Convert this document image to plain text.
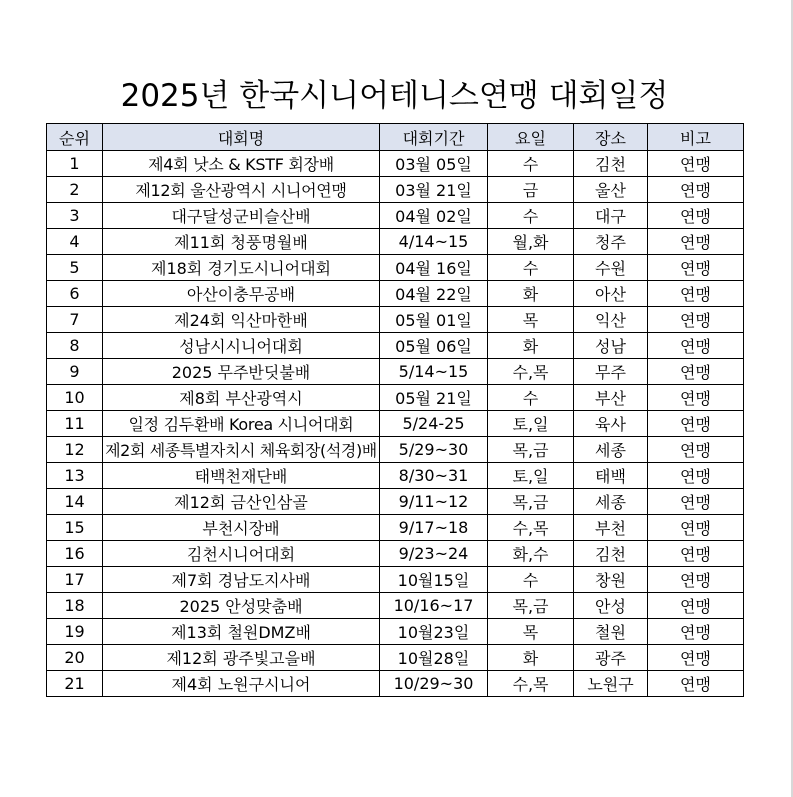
2025년 한국시니어테니스연맹 대회일정
순위	대회명	대회기간	요일	장소	비고
1	제4회 낫소 & KSTF 회장배	03월 05일	수	김천	연맹
2	제12회 울산광역시 시니어연맹	03월 21일	금	울산	연맹
3	대구달성군비슬산배	04월 02일	수	대구	연맹
4	제11회 청풍명월배	4/14~15	월,화	청주	연맹
5	제18회 경기도시니어대회	04월 16일	수	수원	연맹
6	아산이충무공배	04월 22일	화	아산	연맹
7	제24회 익산마한배	05월 01일	목	익산	연맹
8	성남시시니어대회	05월 06일	화	성남	연맹
9	2025 무주반딧불배	5/14~15	수,목	무주	연맹
10	제8회 부산광역시	05월 21일	수	부산	연맹
11	일정 김두환배 Korea 시니어대회	5/24-25	토,일	육사	연맹
12	제2회 세종특별자치시 체육회장(석경)배	5/29~30	목,금	세종	연맹
13	태백천재단배	8/30~31	토,일	태백	연맹
14	제12회 금산인삼골	9/11~12	목,금	세종	연맹
15	부천시장배	9/17~18	수,목	부천	연맹
16	김천시니어대회	9/23~24	화,수	김천	연맹
17	제7회 경남도지사배	10월15일	수	창원	연맹
18	2025 안성맞춤배	10/16~17	목,금	안성	연맹
19	제13회 철원DMZ배	10월23일	목	철원	연맹
20	제12회 광주빛고을배	10월28일	화	광주	연맹
21	제4회 노원구시니어	10/29~30	수,목	노원구	연맹
